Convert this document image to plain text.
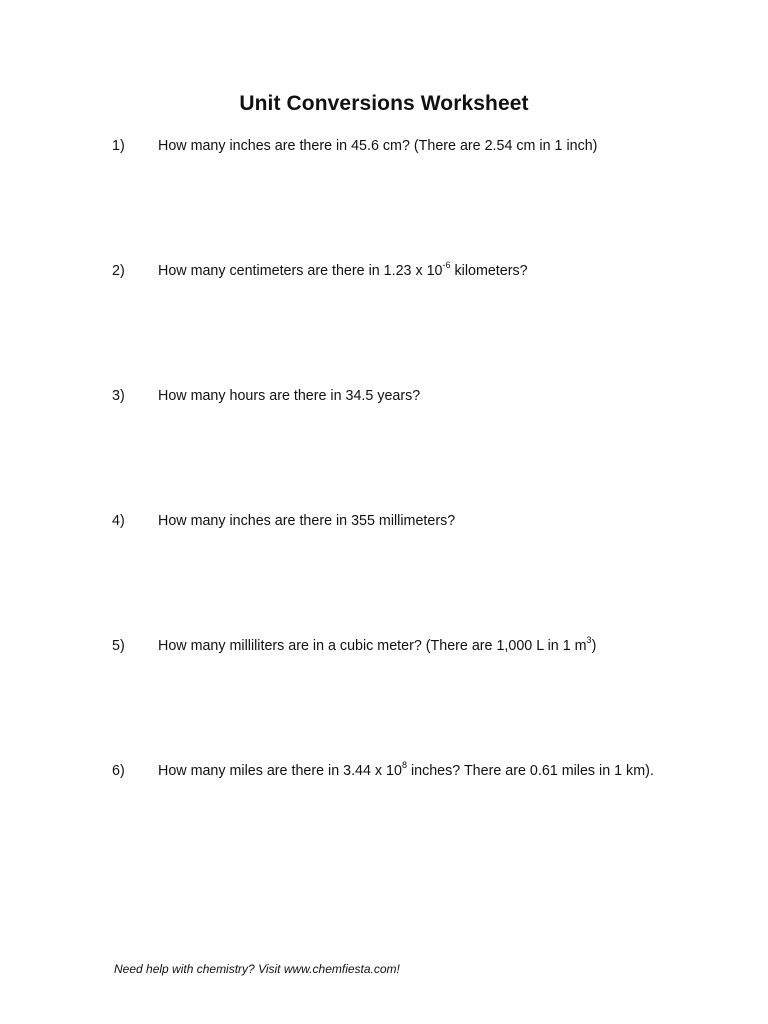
Unit Conversions Worksheet
1)	How many inches are there in 45.6 cm? (There are 2.54 cm in 1 inch)
2)	How many centimeters are there in 1.23 x $10^{-6}$ kilometers?
3)	How many hours are there in 34.5 years?
4)	How many inches are there in 355 millimeters?
5)	How many milliliters are in a cubic meter? (There are 1,000 L in 1 $m^3$)
6)	How many miles are there in 3.44 x $10^8$ inches? There are 0.61 miles in 1 km).
Need help with chemistry? Visit www.chemfiesta.com!
